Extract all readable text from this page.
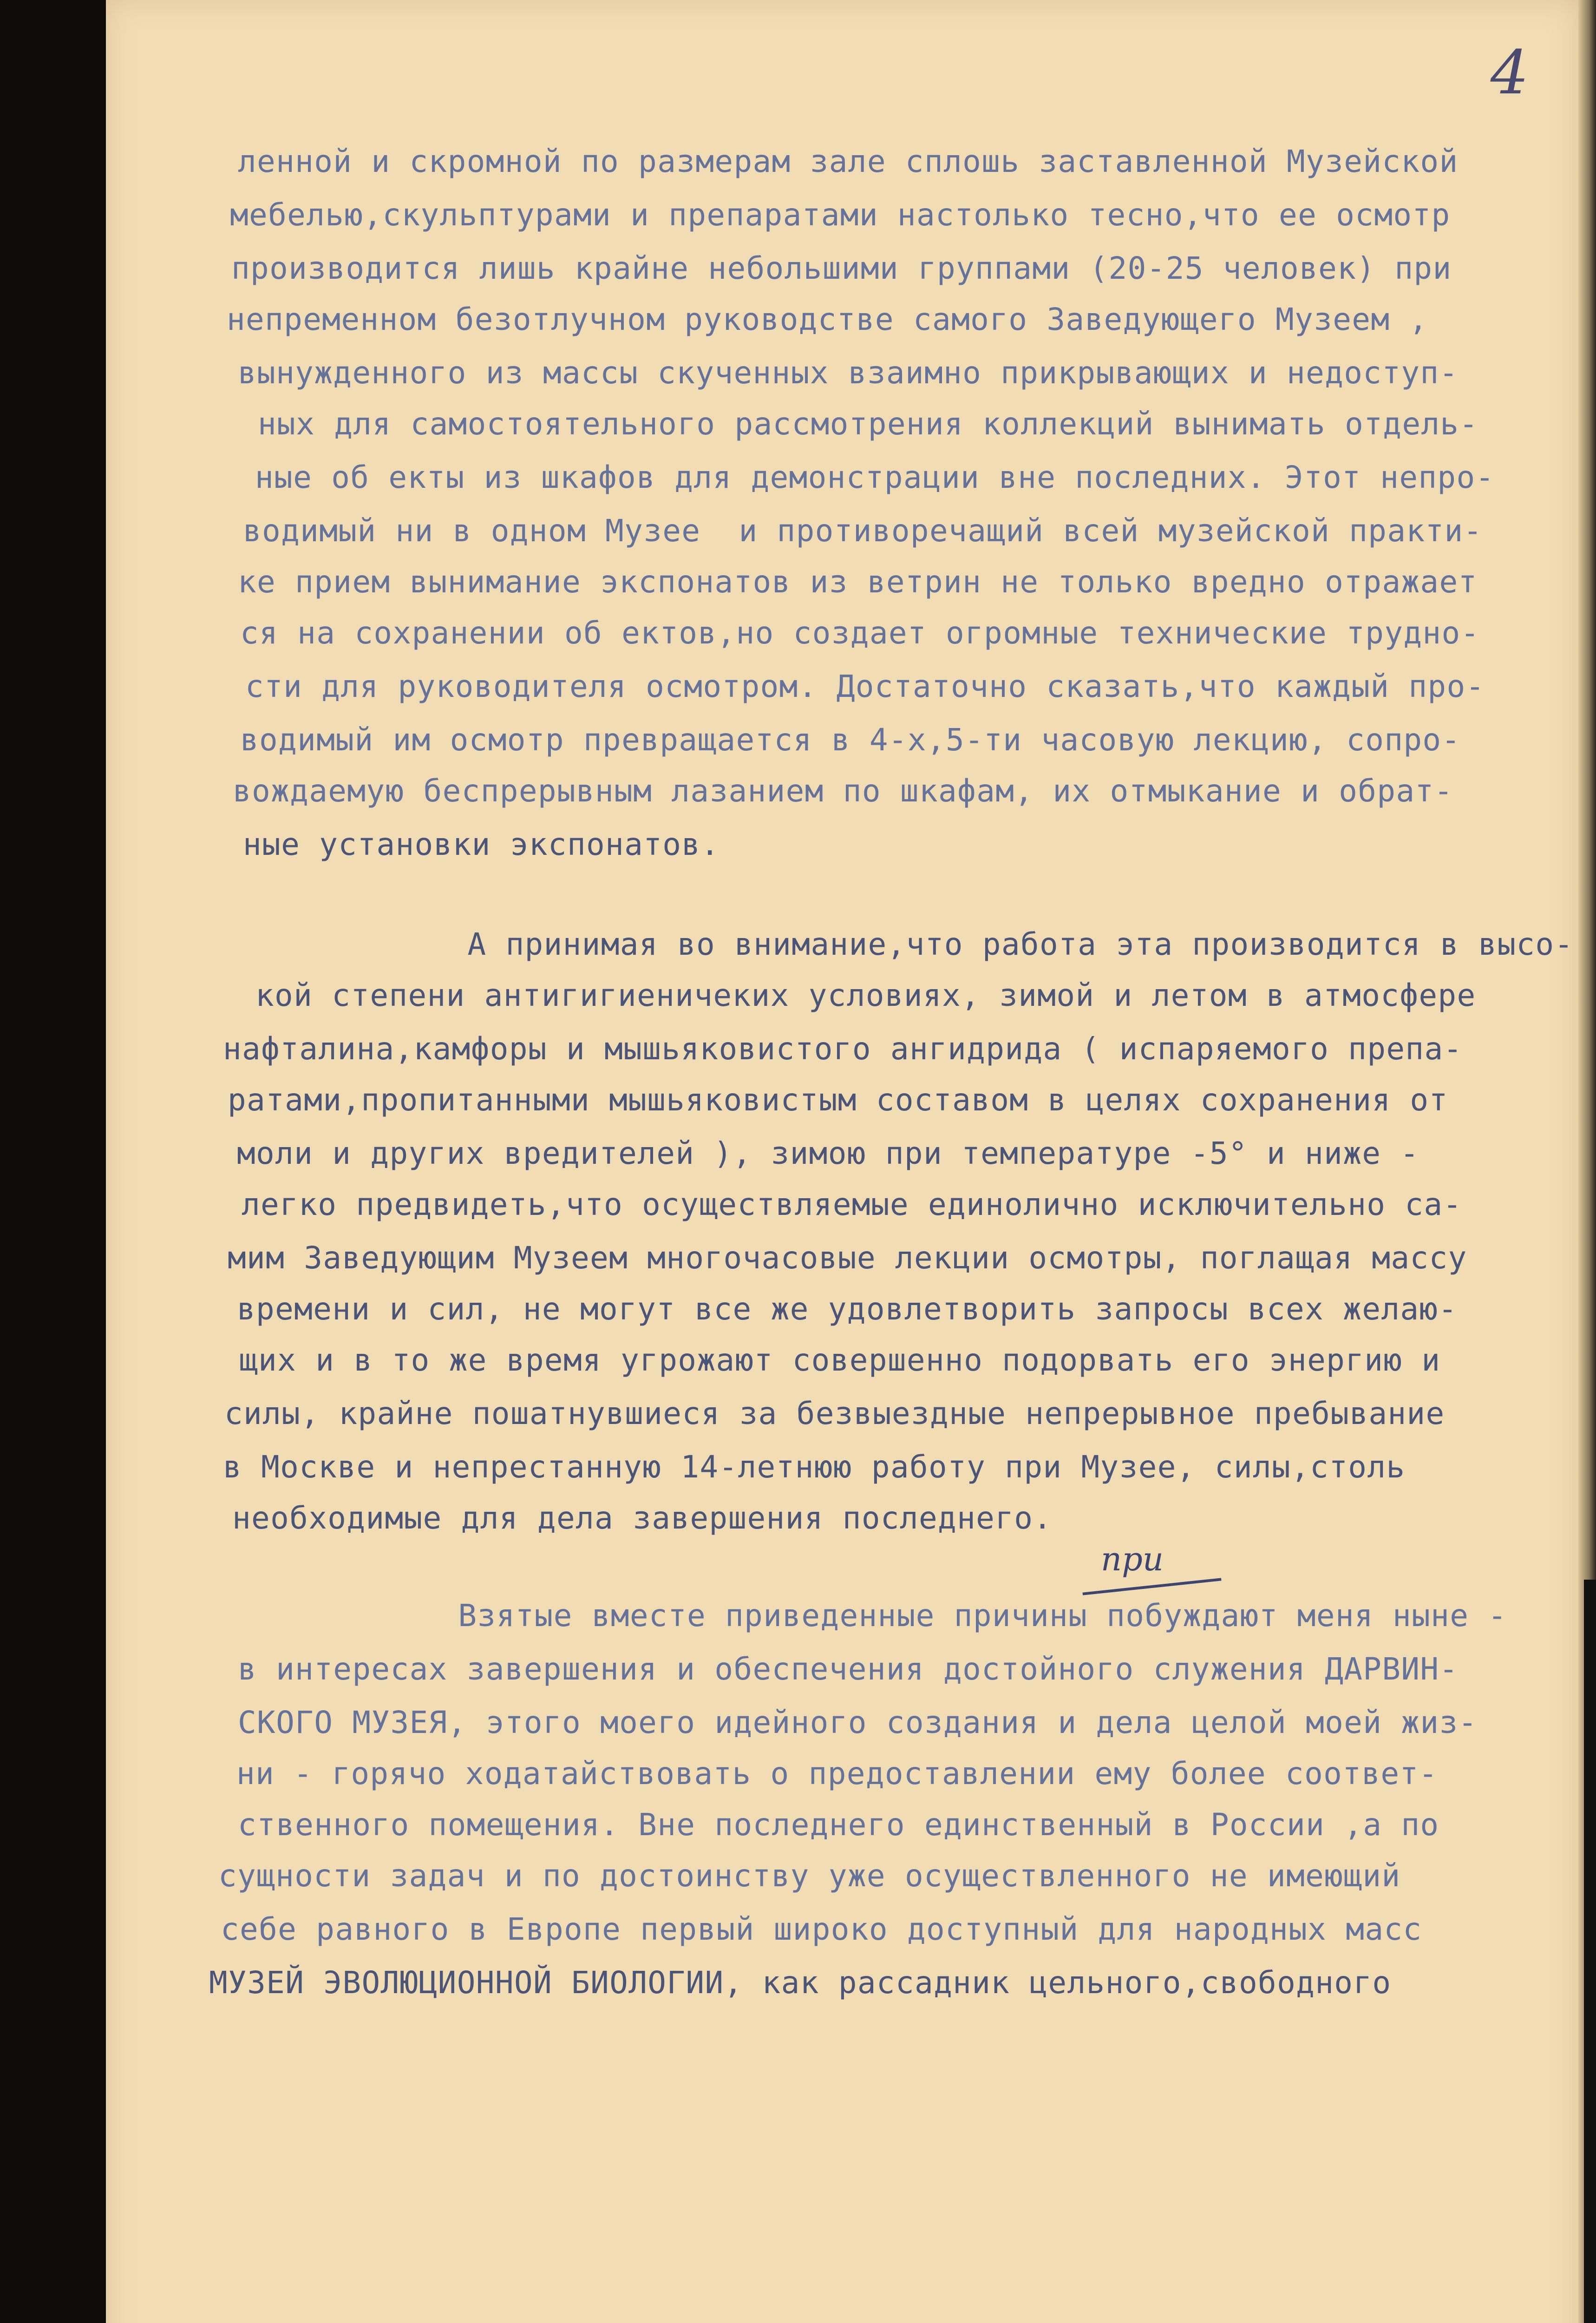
4
ленной и скромной по размерам зале сплошь заставленной Музейской
мебелью,скульптурами и препаратами настолько тесно,что ее осмотр
производится лишь крайне небольшими группами (20-25 человек) при
непременном безотлучном руководстве самого Заведующего Музеем ,
вынужденного из массы скученных взаимно прикрывающих и недоступ-
ных для самостоятельного рассмотрения коллекций вынимать отдель-
ные об екты из шкафов для демонстрации вне последних. Этот непро-
водимый ни в одном Музее  и противоречащий всей музейской практи-
ке прием вынимание экспонатов из ветрин не только вредно отражает
ся на сохранении об ектов,но создает огромные технические трудно-
сти для руководителя осмотром. Достаточно сказать,что каждый про-
водимый им осмотр превращается в 4-х,5-ти часовую лекцию, сопро-
вождаемую беспрерывным лазанием по шкафам, их отмыкание и обрат-
ные установки экспонатов.
А принимая во внимание,что работа эта производится в высо-
кой степени антигигиеничеких условиях, зимой и летом в атмосфере
нафталина,камфоры и мышьяковистого ангидрида ( испаряемого препа-
ратами,пропитанными мышьяковистым составом в целях сохранения от
моли и других вредителей ), зимою при температуре -5° и ниже -
легко предвидеть,что осуществляемые единолично исключительно са-
мим Заведующим Музеем многочасовые лекции осмотры, поглащая массу
времени и сил, не могут все же удовлетворить запросы всех желаю-
щих и в то же время угрожают совершенно подорвать его энергию и
силы, крайне пошатнувшиеся за безвыездные непрерывное пребывание
в Москве и непрестанную 14-летнюю работу при Музее, силы,столь
необходимые для дела завершения последнего.
Взятые вместе приведенные причины побуждают меня ныне -
в интересах завершения и обеспечения достойного служения ДАРВИН-
СКОГО МУЗЕЯ, этого моего идейного создания и дела целой моей жиз-
ни - горячо ходатайствовать о предоставлении ему более соответ-
ственного помещения. Вне последнего единственный в России ,а по
сущности задач и по достоинству уже осуществленного не имеющий
себе равного в Европе первый широко доступный для народных масс
МУЗЕЙ ЭВОЛЮЦИОННОЙ БИОЛОГИИ, как рассадник цельного,свободного
при
